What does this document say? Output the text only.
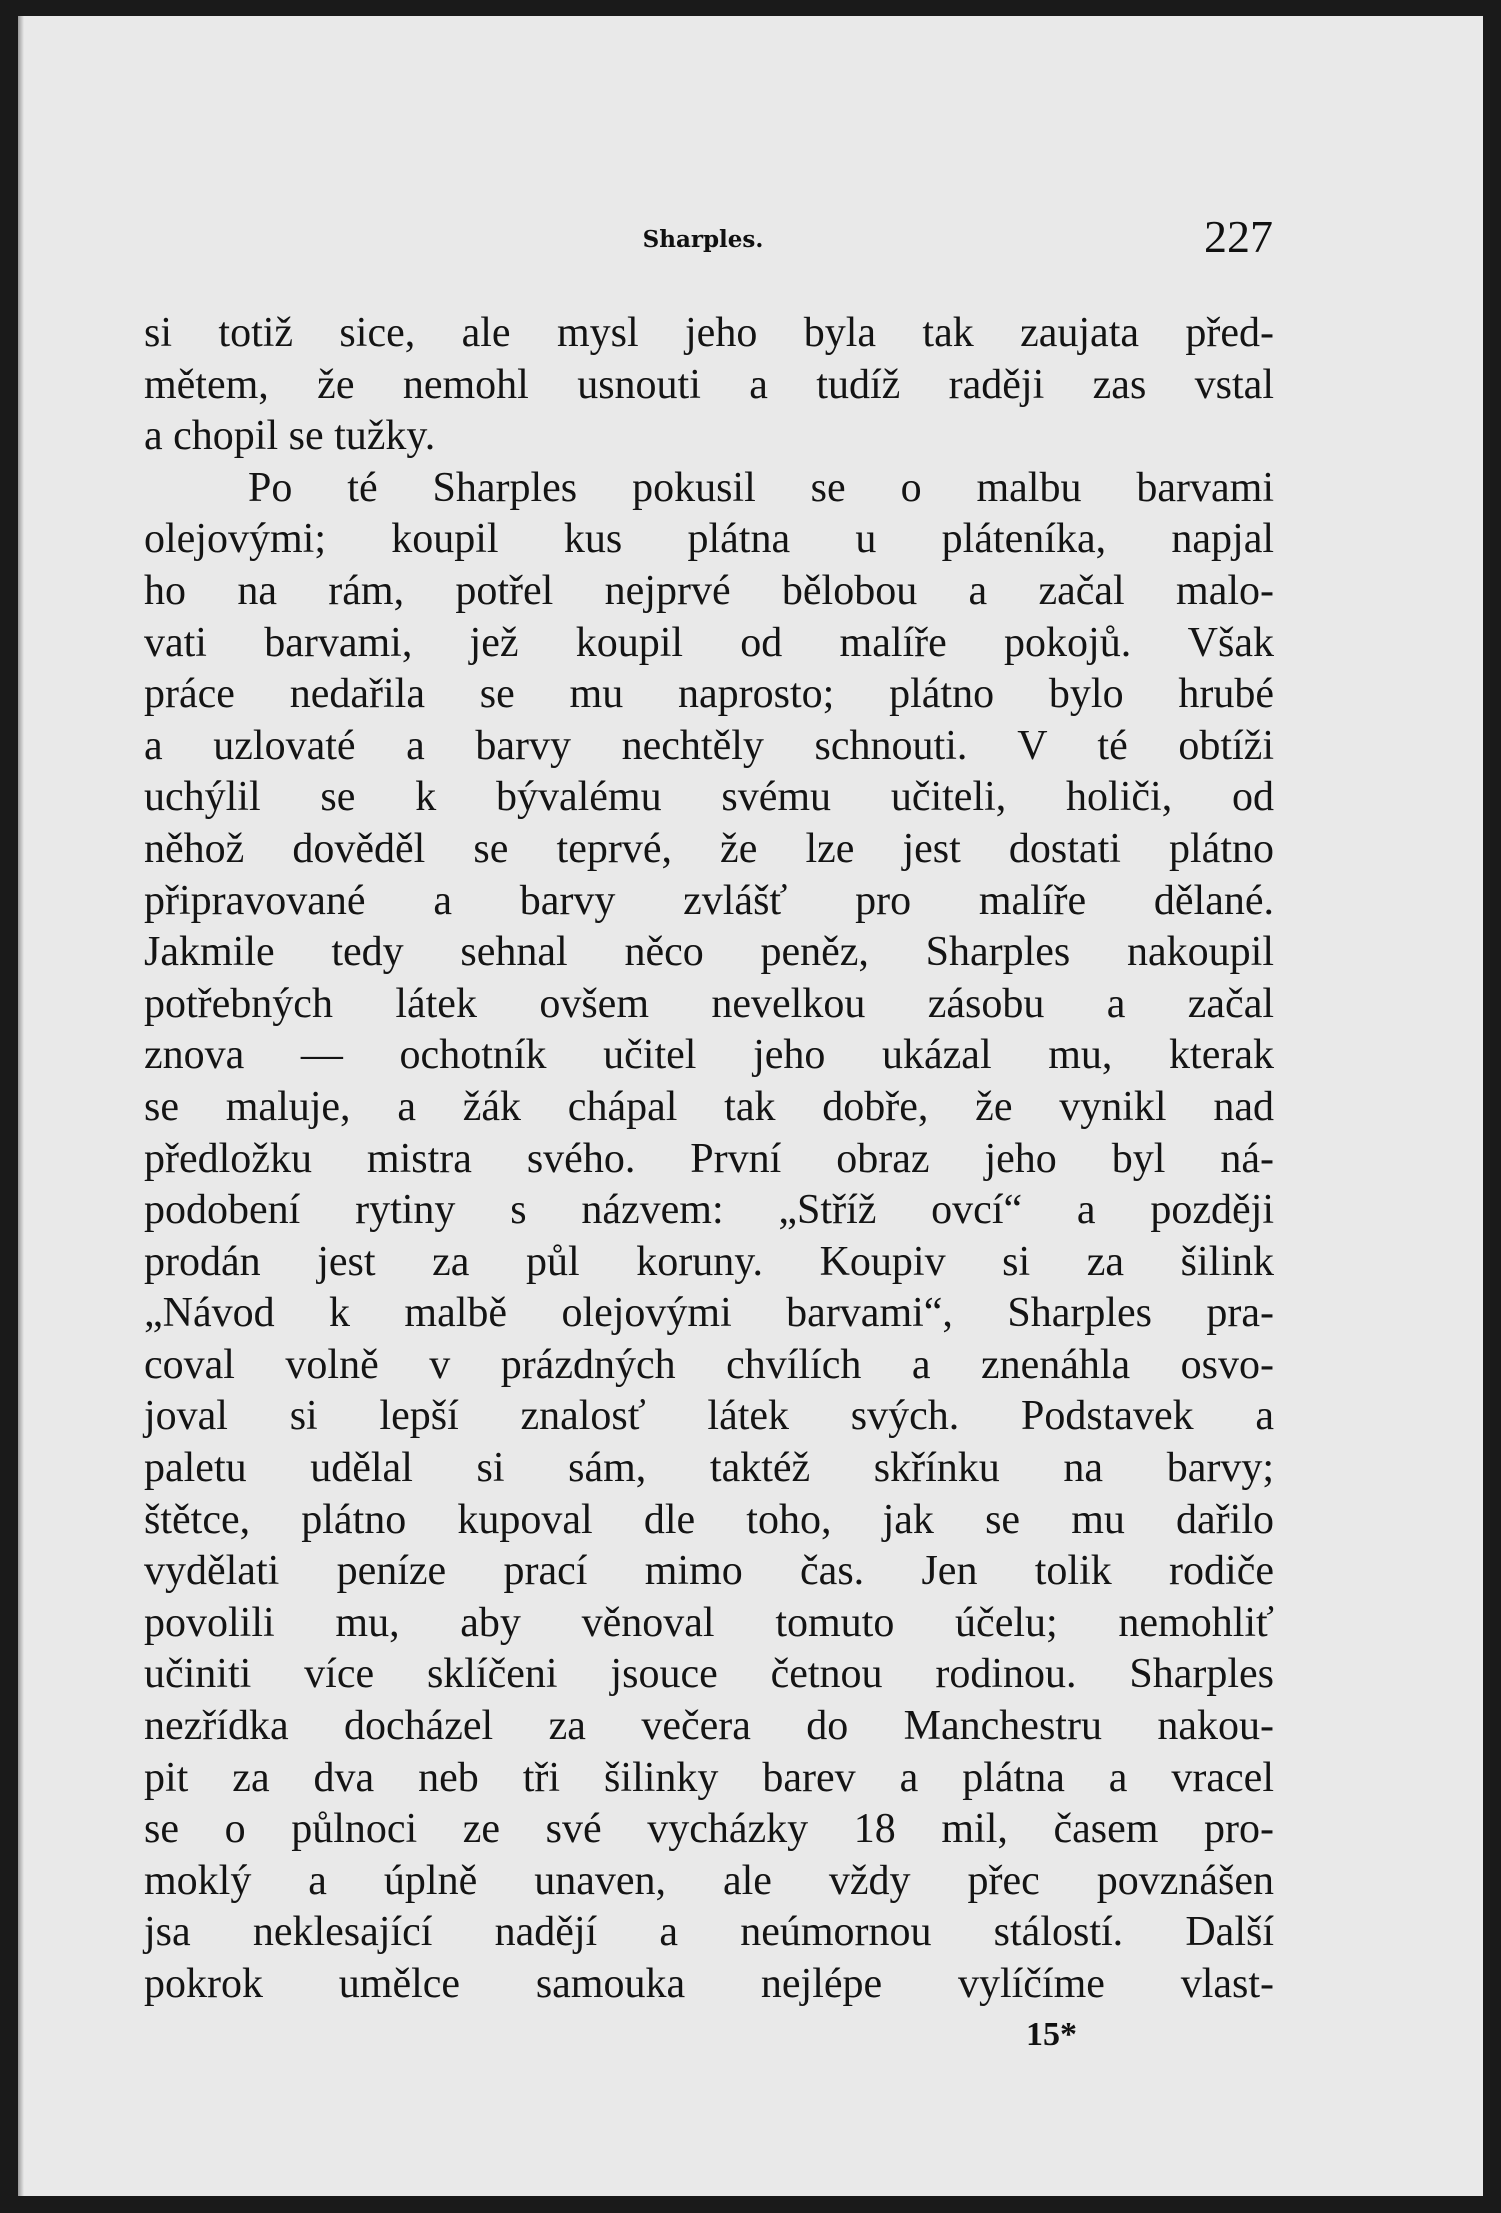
Sharples.	227
si totiž sice, ale mysl jeho byla tak zaujata před-
mětem, že nemohl usnouti a tudíž raději zas vstal
a chopil se tužky.
Po té Sharples pokusil se o malbu barvami
olejovými; koupil kus plátna u pláteníka, napjal
ho na rám, potřel nejprvé bělobou a začal malo-
vati barvami, jež koupil od malíře pokojů. Však
práce nedařila se mu naprosto; plátno bylo hrubé
a uzlovaté a barvy nechtěly schnouti. V té obtíži
uchýlil se k bývalému svému učiteli, holiči, od
něhož dověděl se teprvé, že lze jest dostati plátno
připravované a barvy zvlášť pro malíře dělané.
Jakmile tedy sehnal něco peněz, Sharples nakoupil
potřebných látek ovšem nevelkou zásobu a začal
znova — ochotník učitel jeho ukázal mu, kterak
se maluje, a žák chápal tak dobře, že vynikl nad
předložku mistra svého. První obraz jeho byl ná-
podobení rytiny s názvem: „Stříž ovcí“ a později
prodán jest za půl koruny. Koupiv si za šilink
„Návod k malbě olejovými barvami“, Sharples pra-
coval volně v prázdných chvílích a znenáhla osvo-
joval si lepší znalosť látek svých. Podstavek a
paletu udělal si sám, taktéž skřínku na barvy;
štětce, plátno kupoval dle toho, jak se mu dařilo
vydělati peníze prací mimo čas. Jen tolik rodiče
povolili mu, aby věnoval tomuto účelu; nemohliť
učiniti více sklíčeni jsouce četnou rodinou. Sharples
nezřídka docházel za večera do Manchestru nakou-
pit za dva neb tři šilinky barev a plátna a vracel
se o půlnoci ze své vycházky 18 mil, časem pro-
moklý a úplně unaven, ale vždy přec povznášen
jsa neklesající nadějí a neúmornou stálostí. Další
pokrok umělce samouka nejlépe vylíčíme vlast-
15*
